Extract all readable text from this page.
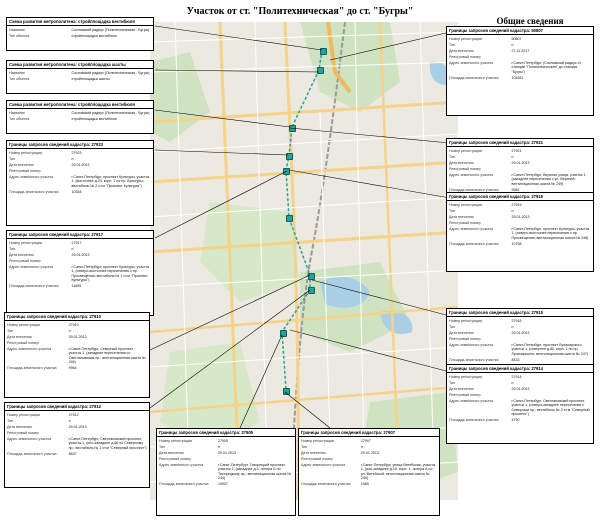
Участок от ст. "Политехническая" до ст. "Бугры"
Общие сведения
Схема развития метрополитена: стройплощадка вестибюля
Название	Сосновский радиус (Политехническая - Бугры)
Тип объекта	стройплощадка вестибюля
Схема развития метрополитена: стройплощадка шахты
Название	Сосновский радиус (Политехническая - Бугры)
Тип объекта	стройплощадка шахты
Схема развития метрополитена: стройплощадка вестибюля
Название	Сосновский радиус (Политехническая - Бугры)
Тип объекта	стройплощадка вестибюля
Границы запросов сведений кадастра: 27923
Номер регистрации	27923
Тип	п
Дата внесения	29.01.2013
Реестровый номер
Адрес земельного участка	г.Санкт-Петербург, проспект Культуры, участок 1, (восточнее д.24, корп. 1 по пр. Культуры; вестибюль № 2 ст.м "Проспект Культуры")
Площадь земельного участка	10354
Границы запросов сведений кадастра: 27917
Номер регистрации	27917
Тип	п
Дата внесения	29.01.2013
Реестровый номер
Адрес земельного участка	г.Санкт-Петербург, проспект Культуры, участок 1, (северо-восточнее пересечения с пр. Просвещения; вестибюль № 1 ст.м "Проспект Культуры")
Площадь земельного участка	11655
Границы запросов сведений кадастра: 27910
Номер регистрации	27910
Тип	п
Дата внесения	29.01.2013
Реестровый номер
Адрес земельного участка	г.Санкт-Петербург, Северный проспект, участок 1, (западнее пересечения со Светлановским пр.; вентиляционная шахта № 246)
Площадь земельного участка	9964
Границы запросов сведений кадастра: 27912
Номер регистрации	27912
Тип	п
Дата внесения	29.01.2013
Реестровый номер
Адрес земельного участка	г.Санкт-Петербург, Светлановский проспект, участок 1, (юго-западнее д.66 по Северному пр.; вестибюль № 1 ст.м "Северный проспект")
Площадь земельного участка	8637
Границы запросов сведений кадастра: 50807
Номер регистрации	50807
Тип	п
Дата внесения	27.11.2017
Реестровый номер
Адрес земельного участка	г.Санкт-Петербург, (Сосновский радиус от станции "Политехническая" до станции "Бугры")
Площадь земельного участка	104551
Границы запросов сведений кадастра: 27921
Номер регистрации	27921
Тип	п
Дата внесения	29.01.2013
Реестровый номер
Адрес земельного участка	г.Санкт-Петербург, Верхняя улица, участок 1, (западнее пересечения с ул. Верхней; вентиляционная шахта № 249)
Площадь земельного участка	9981
Границы запросов сведений кадастра: 27919
Номер регистрации	27919
Тип	п
Дата внесения	29.01.2013
Реестровый номер
Адрес земельного участка	г.Санкт-Петербург, проспект Культуры, участок 1, (северо-восточнее пересечения с пр. Просвещения; вентиляционная шахта № 248)
Площадь земельного участка	10758
Границы запросов сведений кадастра: 27915
Номер регистрации	27915
Тип	п
Дата внесения	29.01.2013
Реестровый номер
Адрес земельного участка	г.Санкт-Петербург, проспект Луначарского, участок 1, (севернее д.80, корп. 1 по пр. Луначарского; вентиляционная шахта № 247)
Площадь земельного участка	8433
Границы запросов сведений кадастра: 27914
Номер регистрации	27914
Тип	п
Дата внесения	29.01.2013
Реестровый номер
Адрес земельного участка	г.Санкт-Петербург, Светлановский проспект, участок 1, (северо-западнее пересечения с Северным пр.; вестибюль № 2 ст.м "Северный проспект")
Площадь земельного участка	4790
Границы запросов сведений кадастра: 27905
Номер регистрации	27905
Тип	п
Дата внесения	29.01.2013
Реестровый номер
Адрес земельного участка	г.Санкт-Петербург, Тихорецкий проспект, участок 1, (западнее д.3, литера Б по Тихорецкому пр.; вентиляционная шахта № 244)
Площадь земельного участка	10907
Границы запросов сведений кадастра: 27907
Номер регистрации	27907
Тип	п
Дата внесения	29.01.2013
Реестровый номер
Адрес земельного участка	г.Санкт-Петербург, улица Витебская, участок 1, (юго-западнее д.10, корп. 1, литера А по ул. Витебской; вентиляционная шахта № 245)
Площадь земельного участка	1565
